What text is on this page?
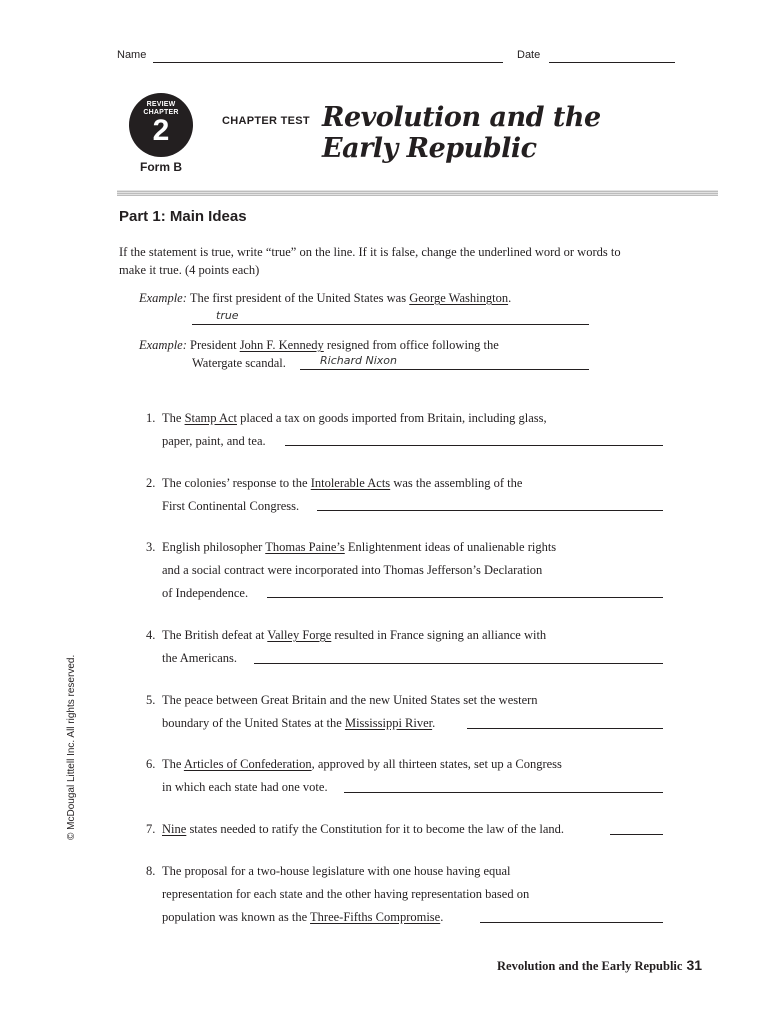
Name	Date
REVIEW
CHAPTER
2
Form B
CHAPTER TEST Revolution and the
Early Republic
Part 1: Main Ideas
If the statement is true, write “true” on the line. If it is false, change the underlined word or words to make it true. (4 points each)
Example: The first president of the United States was George Washington.
true
Example: President John F. Kennedy resigned from office following the
Watergate scandal.	Richard Nixon
1. The Stamp Act placed a tax on goods imported from Britain, including glass,
paper, paint, and tea.
2. The colonies’ response to the Intolerable Acts was the assembling of the
First Continental Congress.
3. English philosopher Thomas Paine’s Enlightenment ideas of unalienable rights
and a social contract were incorporated into Thomas Jefferson’s Declaration
of Independence.
4. The British defeat at Valley Forge resulted in France signing an alliance with
the Americans.
5. The peace between Great Britain and the new United States set the western
boundary of the United States at the Mississippi River.
6. The Articles of Confederation, approved by all thirteen states, set up a Congress
in which each state had one vote.
7. Nine states needed to ratify the Constitution for it to become the law of the land.
8. The proposal for a two-house legislature with one house having equal
representation for each state and the other having representation based on
population was known as the Three-Fifths Compromise.
© McDougal Littell Inc. All rights reserved.
Revolution and the Early Republic 31
